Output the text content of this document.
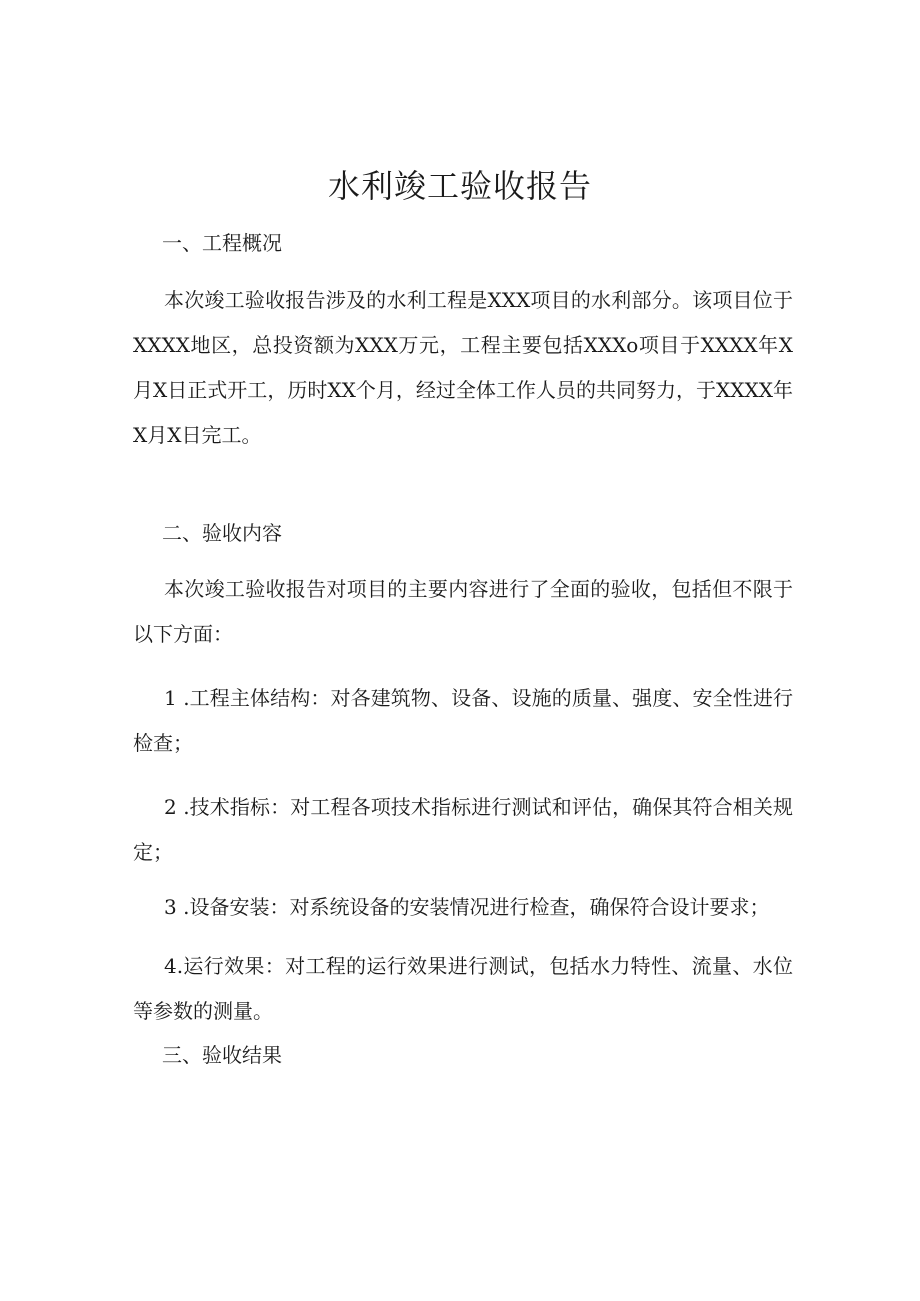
水利竣工验收报告
一、工程概况
本次竣工验收报告涉及的水利工程是XXX项目的水利部分。该项目位于XXXX地区，总投资额为XXX万元，工程主要包括XXXo项目于XXXX年X月X日正式开工，历时XX个月，经过全体工作人员的共同努力，于XXXX年X月X日完工。
二、验收内容
本次竣工验收报告对项目的主要内容进行了全面的验收，包括但不限于以下方面：
1 .工程主体结构：对各建筑物、设备、设施的质量、强度、安全性进行检查；
2 .技术指标：对工程各项技术指标进行测试和评估，确保其符合相关规定；
3 .设备安装：对系统设备的安装情况进行检查，确保符合设计要求；
4.运行效果：对工程的运行效果进行测试，包括水力特性、流量、水位等参数的测量。
三、验收结果
